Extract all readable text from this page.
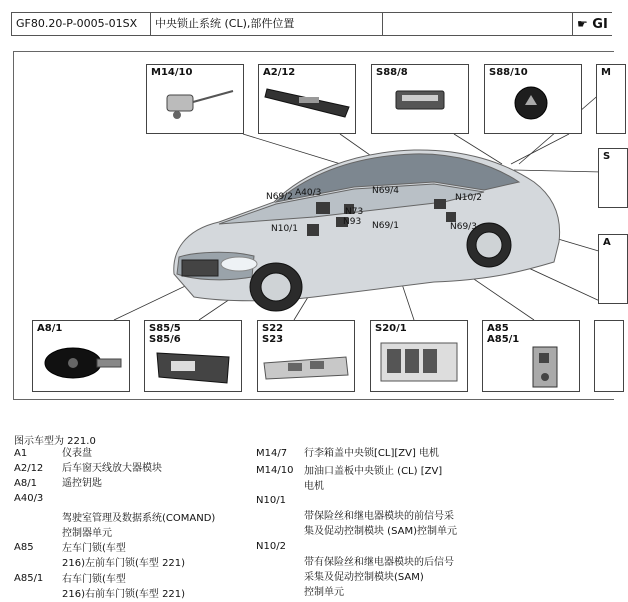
GF80.20-P-0005-01SX	中央锁止系统 (CL),部件位置	☛ GI
N69/2 A40/3	N69/4
N10/2
N73
N93
N10/1	N69/1	N69/3
M14/10	A2/12	S88/8	S88/10	M
S
A
A8/1	S85/5
S85/6
S22
S23
S20/1	A85
A85/1
图示车型为 221.0
A1	仪表盘
A2/12 后车窗天线放大器模块
A8/1	遥控钥匙
A40/3

驾驶室管理及数据系统(COMAND)
控制器单元
A85	左车门锁(车型
216)左前车门锁(车型 221)
A85/1 右车门锁(车型
216)右前车门锁(车型 221)
M14/7 行李箱盖中央锁[CL][ZV] 电机
M14/10 加油口盖板中央锁止 (CL) [ZV]
电机
N10/1

带保险丝和继电器模块的前信号采
集及促动控制模块 (SAM)控制单元
N10/2

带有保险丝和继电器模块的后信号
采集及促动控制模块(SAM)
控制单元
